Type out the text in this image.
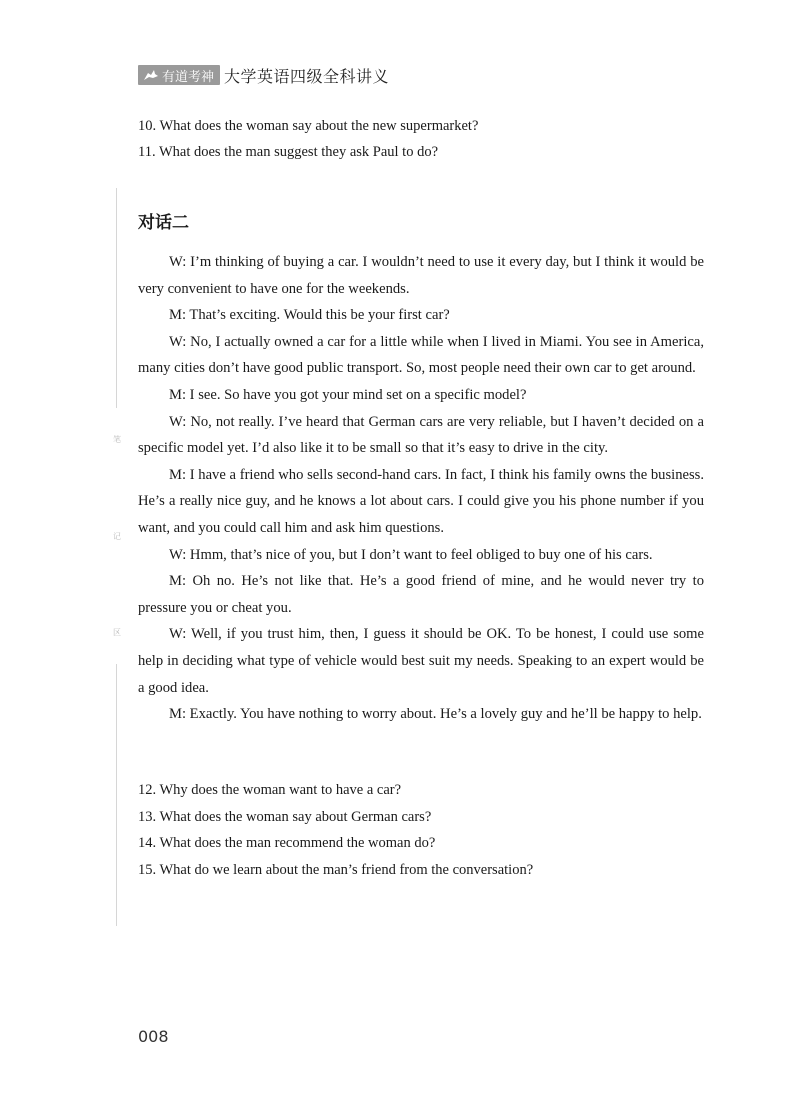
有道考神 大学英语四级全科讲义
10. What does the woman say about the new supermarket?
11. What does the man suggest they ask Paul to do?
笔
记
区
对话二

W: I’m thinking of buying a car. I wouldn’t need to use it every day, but I think it would be very convenient to have one for the weekends.

M: That’s exciting. Would this be your first car?

W: No, I actually owned a car for a little while when I lived in Miami. You see in America, many cities don’t have good public transport. So, most people need their own car to get around.

M: I see. So have you got your mind set on a specific model?

W: No, not really. I’ve heard that German cars are very reliable, but I haven’t decided on a specific model yet. I’d also like it to be small so that it’s easy to drive in the city.

M: I have a friend who sells second-hand cars. In fact, I think his family owns the business. He’s a really nice guy, and he knows a lot about cars. I could give you his phone number if you want, and you could call him and ask him questions.

W: Hmm, that’s nice of you, but I don’t want to feel obliged to buy one of his cars.

M: Oh no. He’s not like that. He’s a good friend of mine, and he would never try to pressure you or cheat you.

W: Well, if you trust him, then, I guess it should be OK. To be honest, I could use some help in deciding what type of vehicle would best suit my needs. Speaking to an expert would be a good idea.

M: Exactly. You have nothing to worry about. He’s a lovely guy and he’ll be happy to help.

12. Why does the woman want to have a car?
13. What does the woman say about German cars?
14. What does the man recommend the woman do?
15. What do we learn about the man’s friend from the conversation?
008
